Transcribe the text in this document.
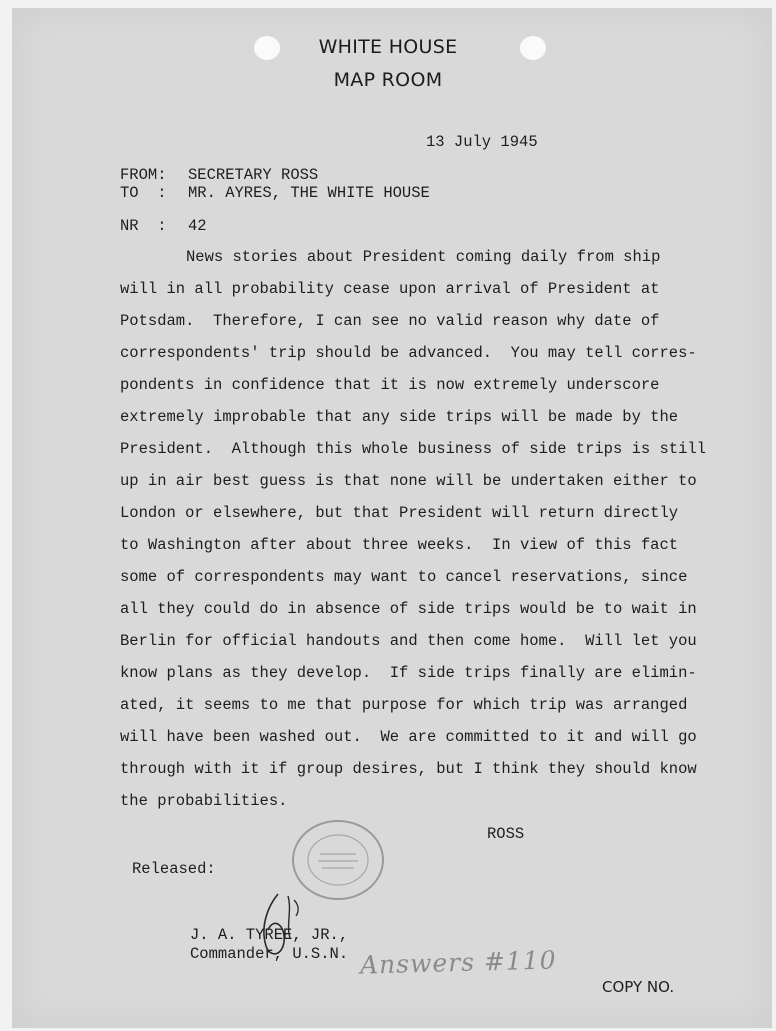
WHITE HOUSE
MAP ROOM
13 July 1945
FROM: SECRETARY ROSS
TO  : MR. AYRES, THE WHITE HOUSE
NR  : 42
News stories about President coming daily from ship
will in all probability cease upon arrival of President at
Potsdam.  Therefore, I can see no valid reason why date of
correspondents' trip should be advanced.  You may tell corres-
pondents in confidence that it is now extremely underscore
extremely improbable that any side trips will be made by the
President.  Although this whole business of side trips is still
up in air best guess is that none will be undertaken either to
London or elsewhere, but that President will return directly
to Washington after about three weeks.  In view of this fact
some of correspondents may want to cancel reservations, since
all they could do in absence of side trips would be to wait in
Berlin for official handouts and then come home.  Will let you
know plans as they develop.  If side trips finally are elimin-
ated, it seems to me that purpose for which trip was arranged
will have been washed out.  We are committed to it and will go
through with it if group desires, but I think they should know
the probabilities.
ROSS
Released:
J. A. TYREE, JR.,
Commander, U.S.N. Answers #110
COPY NO.
